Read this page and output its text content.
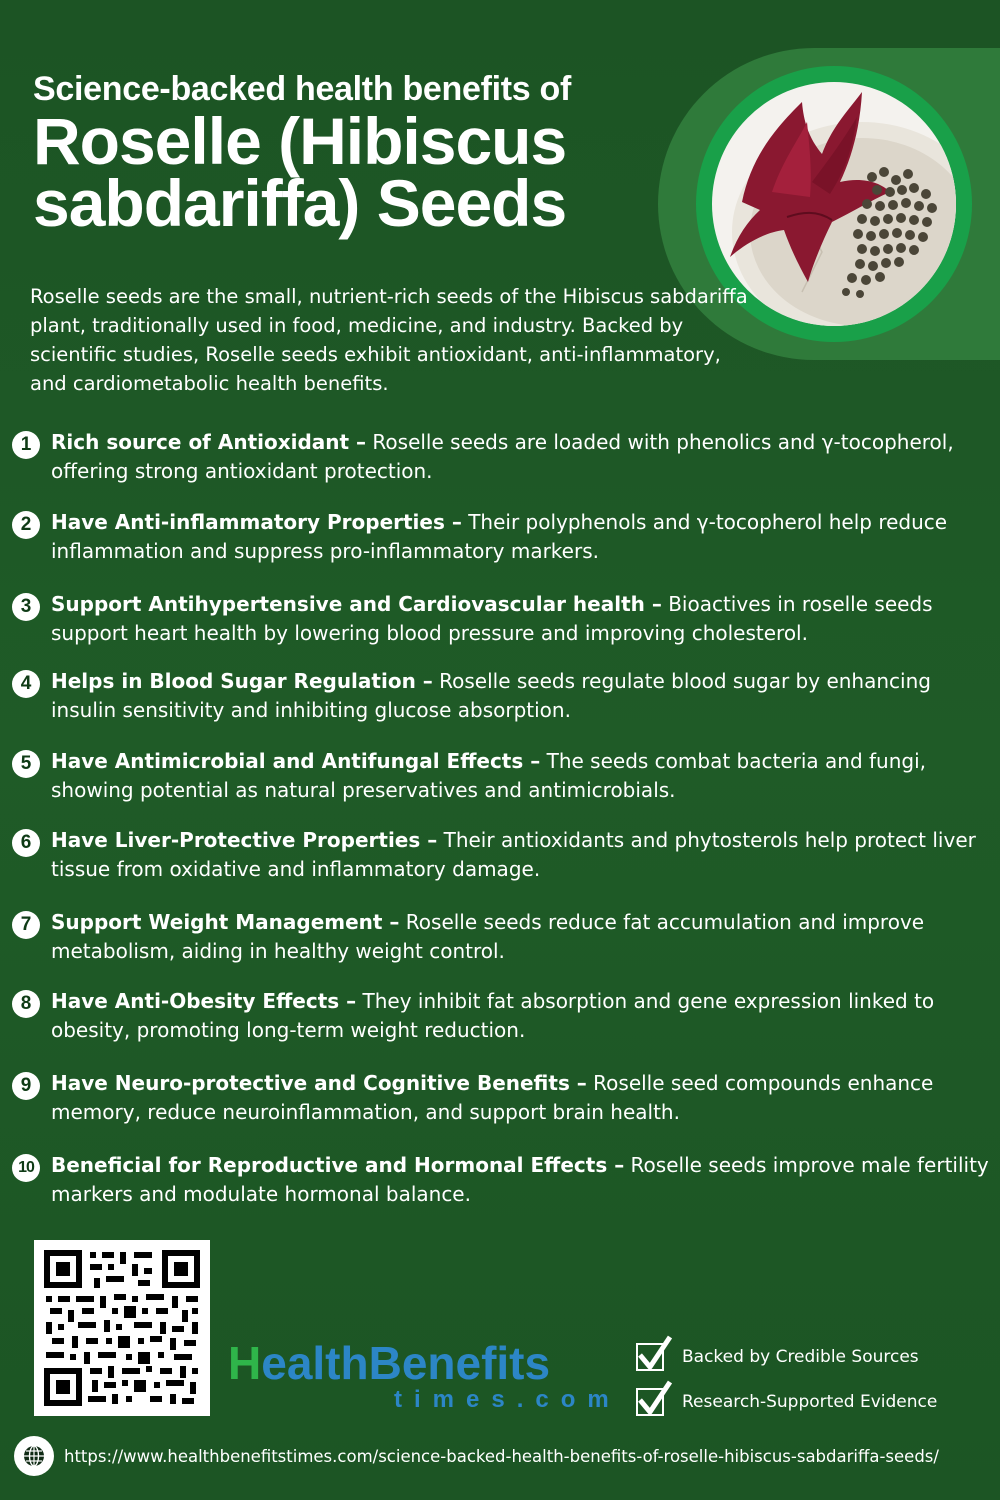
Science-backed health benefits of
Roselle (Hibiscus sabdariffa) Seeds

Roselle seeds are the small, nutrient-rich seeds of the Hibiscus sabdariffa plant, traditionally used in food, medicine, and industry. Backed by scientific studies, Roselle seeds exhibit antioxidant, anti-inflammatory, and cardiometabolic health benefits.

1 Rich source of Antioxidant – Roselle seeds are loaded with phenolics and γ-tocopherol, offering strong antioxidant protection.
2 Have Anti-inflammatory Properties – Their polyphenols and γ-tocopherol help reduce inflammation and suppress pro-inflammatory markers.
3 Support Antihypertensive and Cardiovascular health – Bioactives in roselle seeds support heart health by lowering blood pressure and improving cholesterol.
4 Helps in Blood Sugar Regulation – Roselle seeds regulate blood sugar by enhancing insulin sensitivity and inhibiting glucose absorption.
5 Have Antimicrobial and Antifungal Effects – The seeds combat bacteria and fungi, showing potential as natural preservatives and antimicrobials.
6 Have Liver-Protective Properties – Their antioxidants and phytosterols help protect liver tissue from oxidative and inflammatory damage.
7 Support Weight Management – Roselle seeds reduce fat accumulation and improve metabolism, aiding in healthy weight control.
8 Have Anti-Obesity Effects – They inhibit fat absorption and gene expression linked to obesity, promoting long-term weight reduction.
9 Have Neuro-protective and Cognitive Benefits – Roselle seed compounds enhance memory, reduce neuroinflammation, and support brain health.
10 Beneficial for Reproductive and Hormonal Effects – Roselle seeds improve male fertility markers and modulate hormonal balance.
HealthBenefits
times.com
Backed by Credible Sources
Research-Supported Evidence
https://www.healthbenefitstimes.com/science-backed-health-benefits-of-roselle-hibiscus-sabdariffa-seeds/
